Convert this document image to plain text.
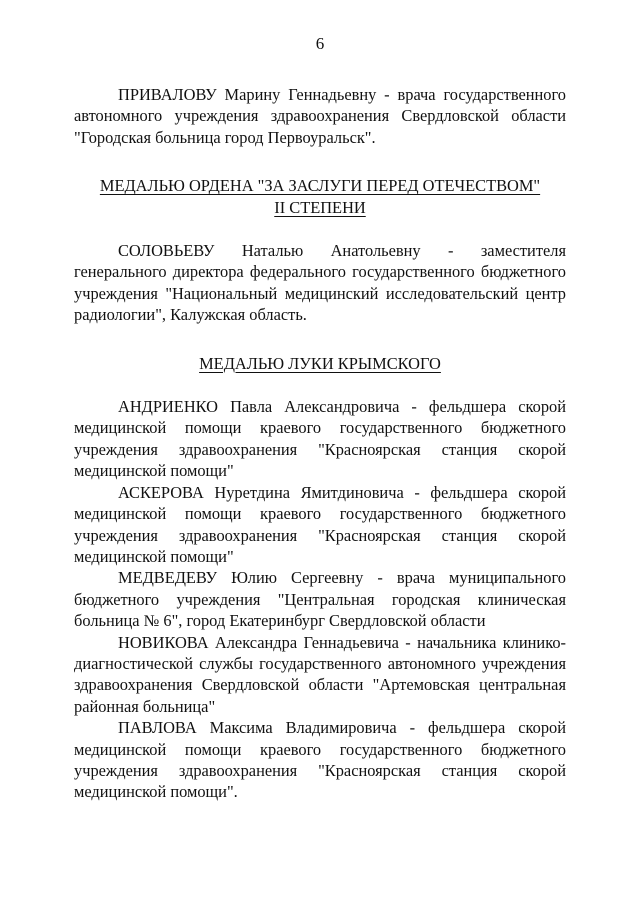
6

ПРИВАЛОВУ Марину Геннадьевну - врача государственного автономного учреждения здравоохранения Свердловской области "Городская больница город Первоуральск".

МЕДАЛЬЮ ОРДЕНА "ЗА ЗАСЛУГИ ПЕРЕД ОТЕЧЕСТВОМ"
II СТЕПЕНИ

СОЛОВЬЕВУ Наталью Анатольевну - заместителя генерального директора федерального государственного бюджетного учреждения "Национальный медицинский исследовательский центр радиологии", Калужская область.

МЕДАЛЬЮ ЛУКИ КРЫМСКОГО

АНДРИЕНКО Павла Александровича - фельдшера скорой медицинской помощи краевого государственного бюджетного учреждения здравоохранения "Красноярская станция скорой медицинской помощи"

АСКЕРОВА Нуретдина Ямитдиновича - фельдшера скорой медицинской помощи краевого государственного бюджетного учреждения здравоохранения "Красноярская станция скорой медицинской помощи"

МЕДВЕДЕВУ Юлию Сергеевну - врача муниципального бюджетного учреждения "Центральная городская клиническая больница № 6", город Екатеринбург Свердловской области

НОВИКОВА Александра Геннадьевича - начальника клинико-диагностической службы государственного автономного учреждения здравоохранения Свердловской области "Артемовская центральная районная больница"

ПАВЛОВА Максима Владимировича - фельдшера скорой медицинской помощи краевого государственного бюджетного учреждения здравоохранения "Красноярская станция скорой медицинской помощи".
